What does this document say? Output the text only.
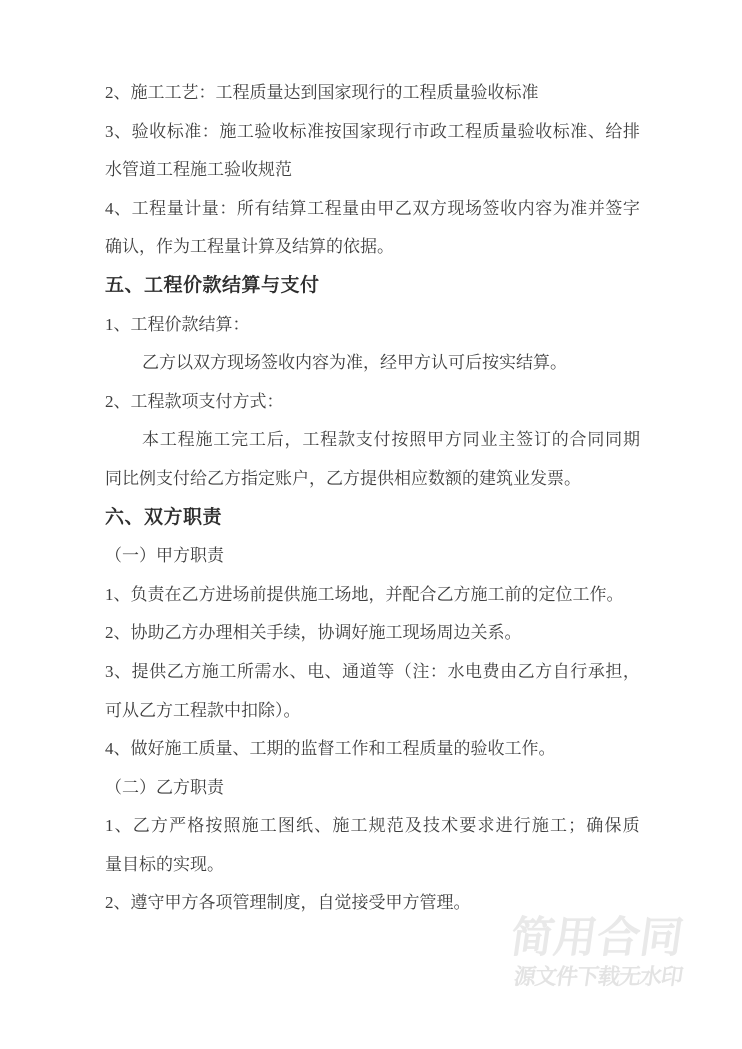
2、施工工艺：工程质量达到国家现行的工程质量验收标准
3 、 验 收 标 准 ： 施 工 验 收 标 准 按 国 家 现 行 市 政 工 程 质 量 验 收 标 准 、 给 排
水管道工程施工验收规范
4 、 工 程 量 计 量 ： 所 有 结 算 工 程 量 由 甲 乙 双 方 现 场 签 收 内 容 为 准 并 签 字
确认，作为工程量计算及结算的依据。
五、工程价款结算与支付
1、工程价款结算：
乙方以双方现场签收内容为准，经甲方认可后按实结算。
2、工程款项支付方式：
本 工 程 施 工 完 工 后 ， 工 程 款 支 付 按 照 甲 方 同 业 主 签 订 的 合 同 同 期
同比例支付给乙方指定账户，乙方提供相应数额的建筑业发票。
六、双方职责
（一）甲方职责
1、负责在乙方进场前提供施工场地，并配合乙方施工前的定位工作。
2、协助乙方办理相关手续，协调好施工现场周边关系。
3 、 提 供 乙 方 施 工 所 需 水 、 电 、 通 道 等 （ 注 ： 水 电 费 由 乙 方 自 行 承 担 ，
可从乙方工程款中扣除）。
4、做好施工质量、工期的监督工作和工程质量的验收工作。
（二）乙方职责
1 、 乙 方 严 格 按 照 施 工 图 纸 、 施 工 规 范 及 技 术 要 求 进 行 施 工 ； 确 保 质
量目标的实现。
2、遵守甲方各项管理制度，自觉接受甲方管理。
简用合同
源文件下载无水印
